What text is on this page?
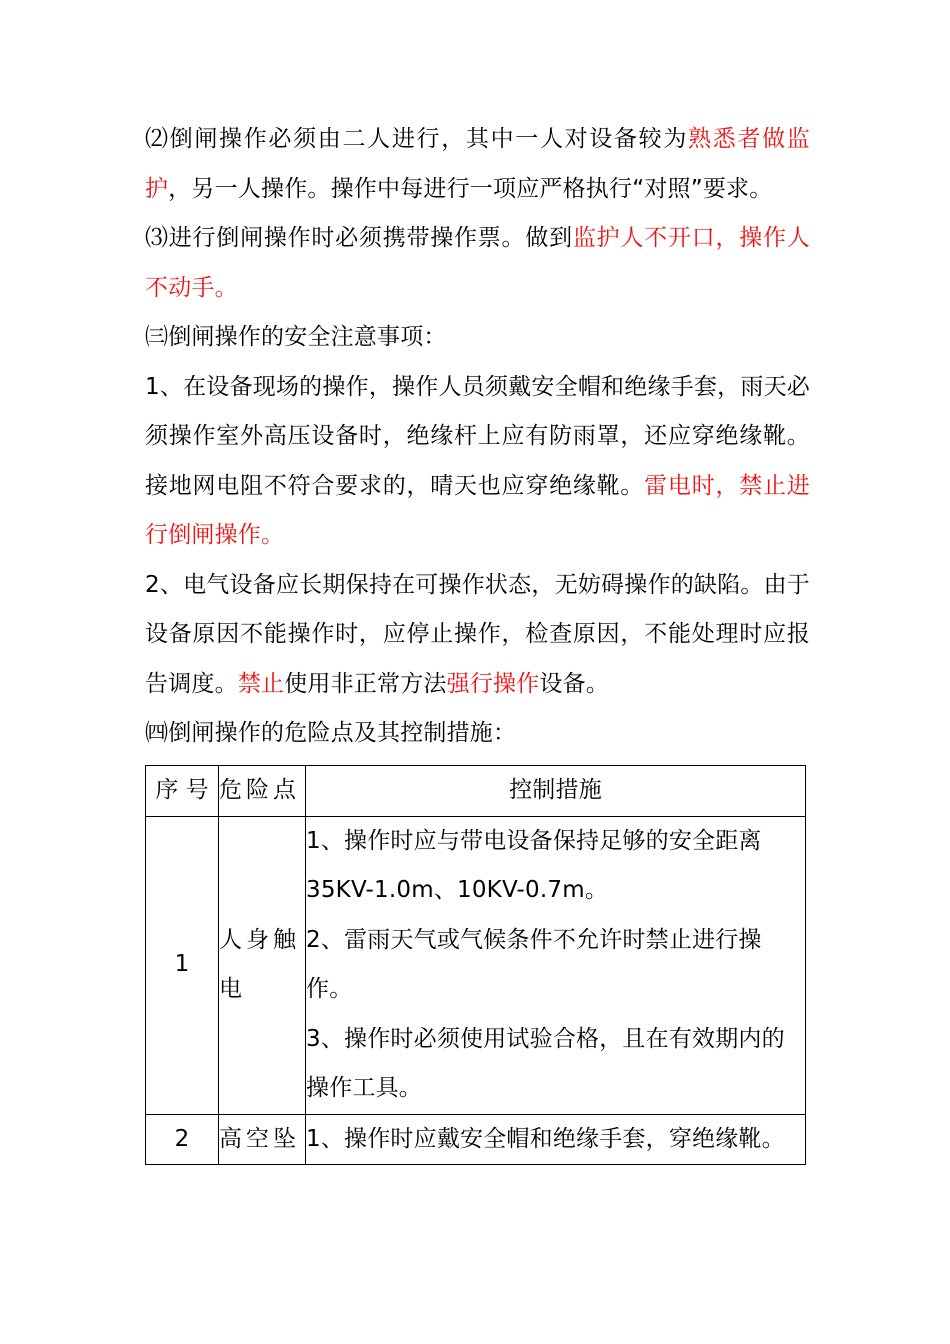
⑵倒闸操作必须由二人进行，其中一人对设备较为熟悉者做监护，另一人操作。操作中每进行一项应严格执行“对照”要求。

⑶进行倒闸操作时必须携带操作票。做到监护人不开口，操作人不动手。

㈢倒闸操作的安全注意事项：

1、在设备现场的操作，操作人员须戴安全帽和绝缘手套，雨天必须操作室外高压设备时，绝缘杆上应有防雨罩，还应穿绝缘靴。接地网电阻不符合要求的，晴天也应穿绝缘靴。雷电时，禁止进行倒闸操作。

2、电气设备应长期保持在可操作状态，无妨碍操作的缺陷。由于设备原因不能操作时，应停止操作，检查原因，不能处理时应报告调度。禁止使用非正常方法强行操作设备。

㈣倒闸操作的危险点及其控制措施：

序 号	危险点	控制措施
1	人身触电	1、操作时应与带电设备保持足够的安全距离35KV-1.0m、10KV-0.7m。
2、雷雨天气或气候条件不允许时禁止进行操作。
3、操作时必须使用试验合格，且在有效期内的操作工具。

2	高空坠	1、操作时应戴安全帽和绝缘手套，穿绝缘靴。
